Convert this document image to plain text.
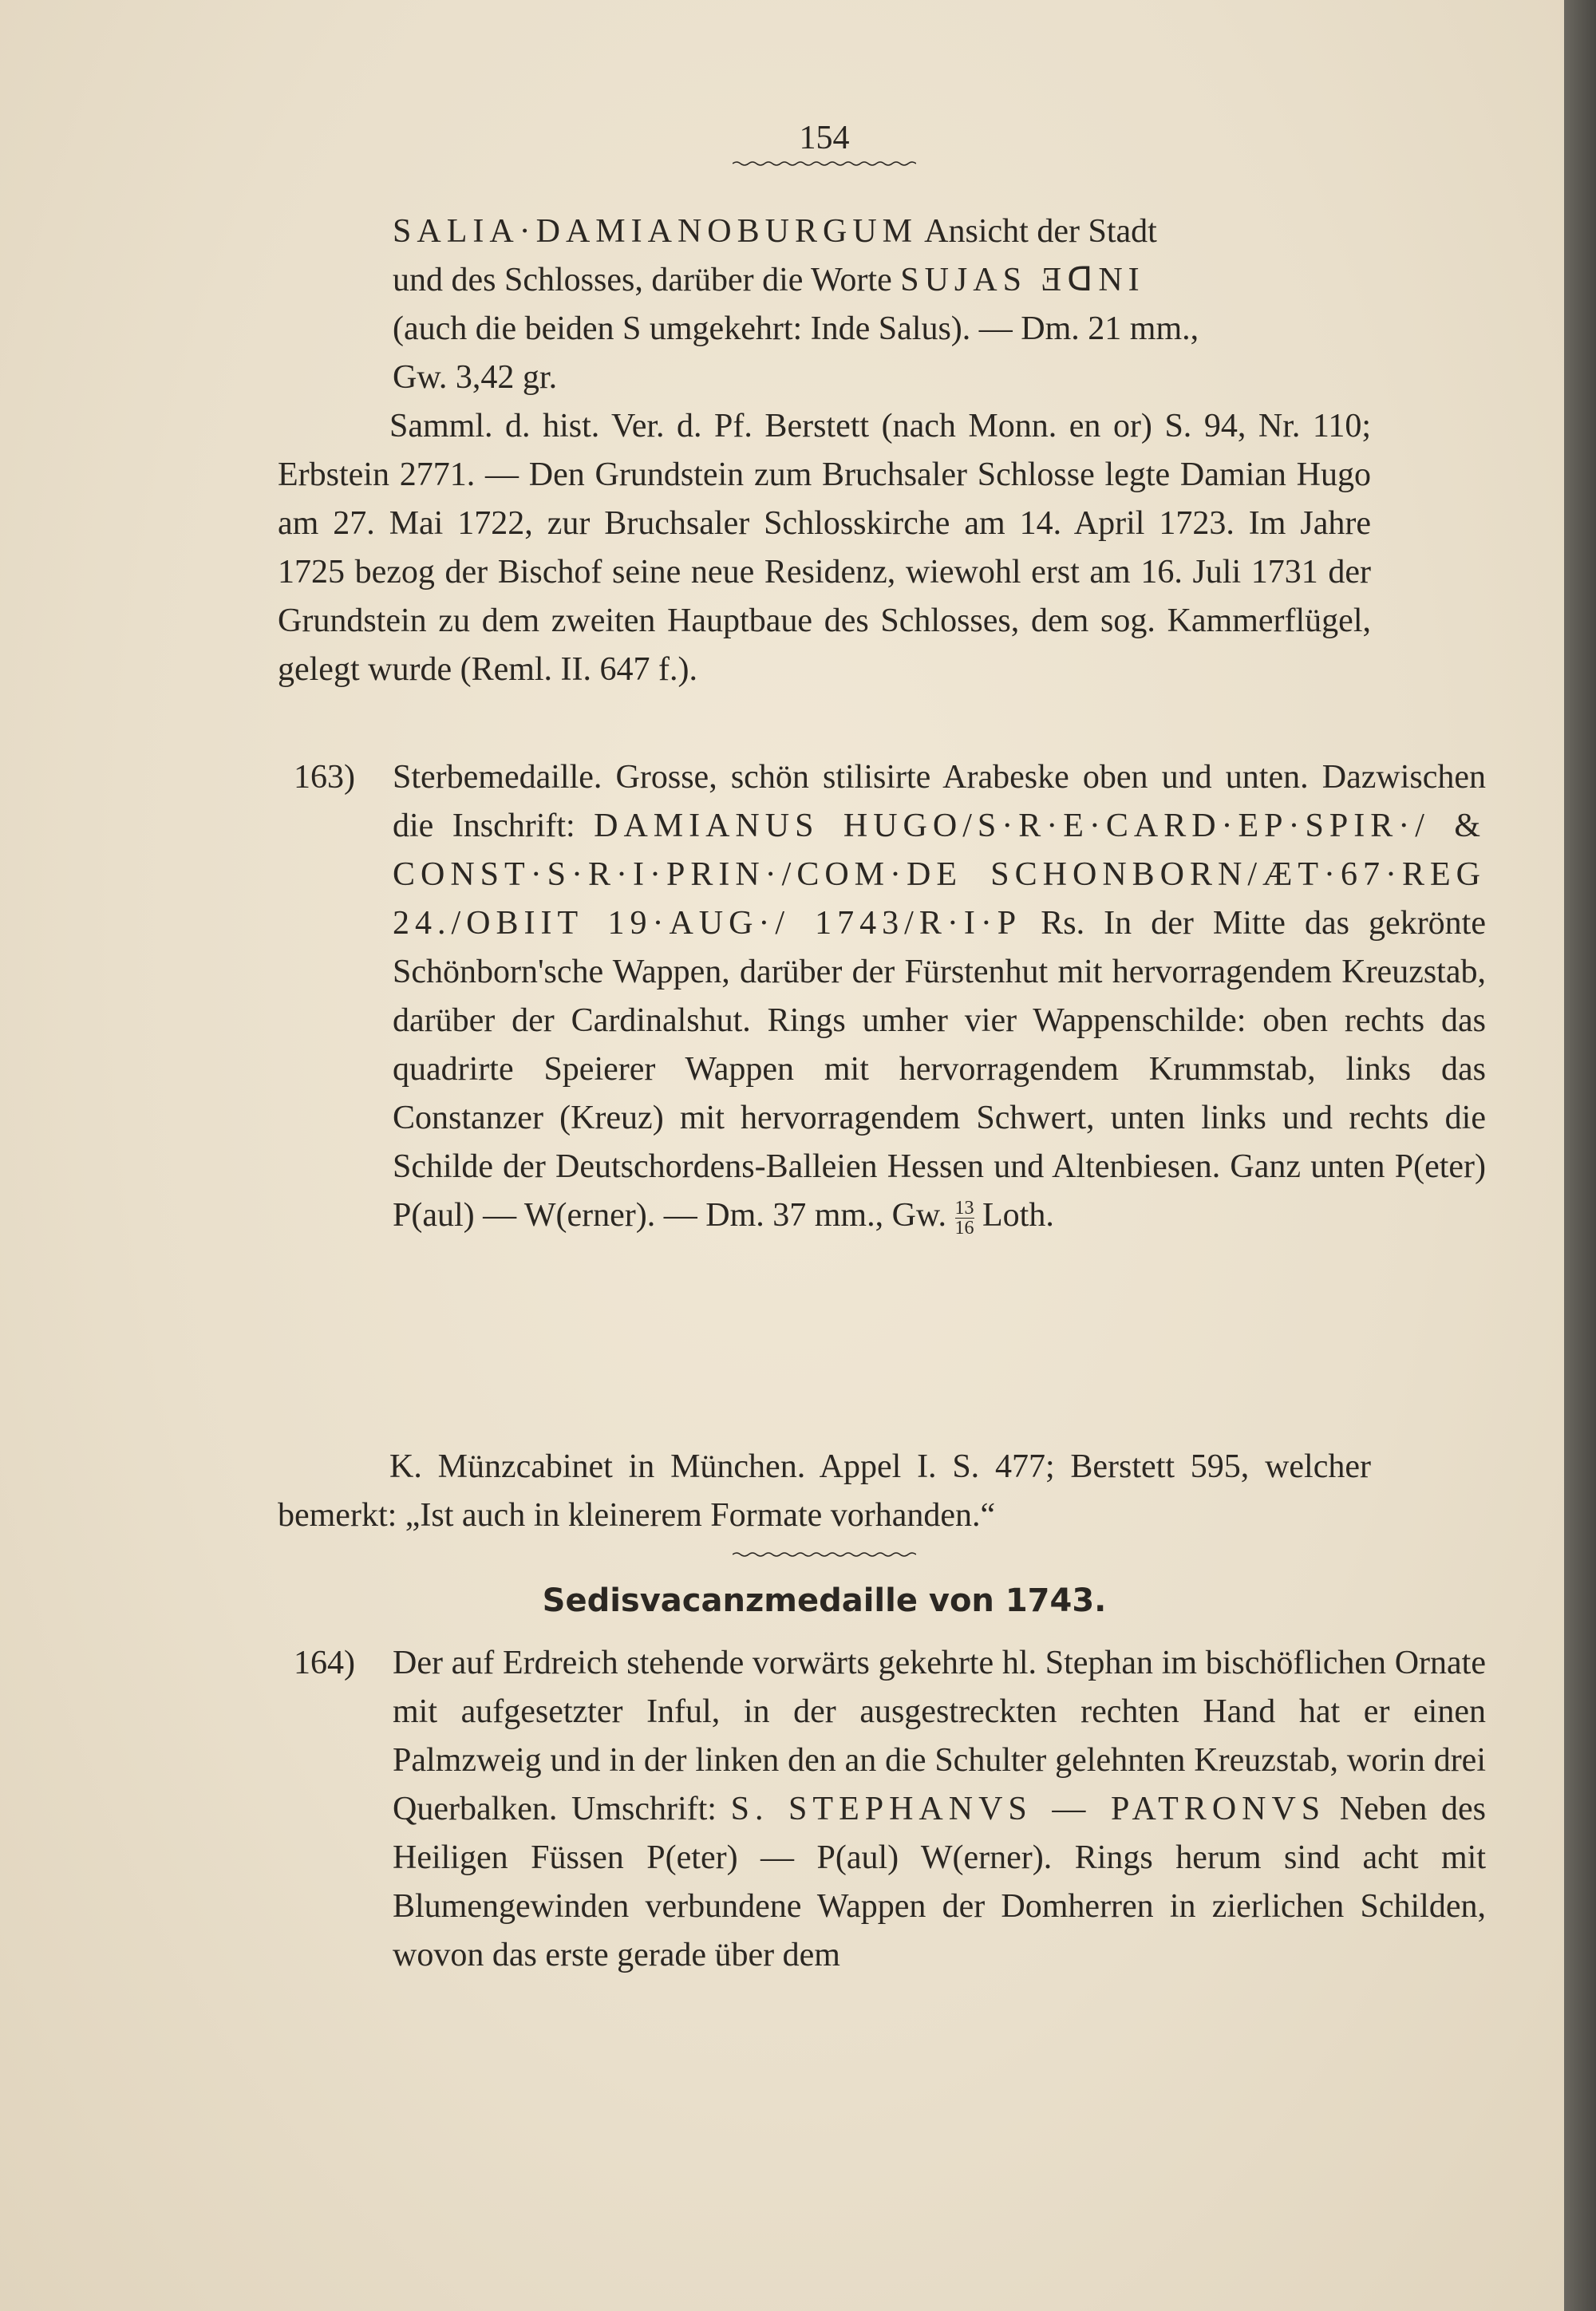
154

SALIA·DAMIANOBURGUM Ansicht der Stadt

und des Schlosses, darüber die Worte SUJAS ƎᗡNI

(auch die beiden S umgekehrt: Inde Salus). — Dm. 21 mm.,

Gw. 3,42 gr.

Samml. d. hist. Ver. d. Pf. Berstett (nach Monn. en or) S. 94, Nr. 110; Erbstein 2771. — Den Grundstein zum Bruchsaler Schlosse legte Damian Hugo am 27. Mai 1722, zur Bruchsaler Schlosskirche am 14. April 1723. Im Jahre 1725 bezog der Bischof seine neue Residenz, wiewohl erst am 16. Juli 1731 der Grundstein zu dem zweiten Hauptbaue des Schlosses, dem sog. Kammerflügel, gelegt wurde (Reml. II. 647 f.).

163) Sterbemedaille. Grosse, schön stilisirte Arabeske oben und unten. Dazwischen die Inschrift: DAMIANUS HUGO/S·R·E·CARD·EP·SPIR·/ & CONST·S·R·I·PRIN·/COM·DE SCHONBORN/ÆT·67·REG 24./OBIIT 19·AUG·/ 1743/R·I·P Rs. In der Mitte das gekrönte Schönborn'sche Wappen, darüber der Fürstenhut mit hervorragendem Kreuzstab, darüber der Cardinalshut. Rings umher vier Wappenschilde: oben rechts das quadrirte Speierer Wappen mit hervorragendem Krummstab, links das Constanzer (Kreuz) mit hervorragendem Schwert, unten links und rechts die Schilde der Deutschordens-Balleien Hessen und Altenbiesen. Ganz unten P(eter) P(aul) — W(erner). — Dm. 37 mm., Gw. $\frac{13}{16}$ Loth.

K. Münzcabinet in München. Appel I. S. 477; Berstett 595, welcher bemerkt: „Ist auch in kleinerem Formate vorhanden.“

Sedisvacanzmedaille von 1743.
164) Der auf Erdreich stehende vorwärts gekehrte hl. Stephan im bischöflichen Ornate mit aufgesetzter Inful, in der ausgestreckten rechten Hand hat er einen Palmzweig und in der linken den an die Schulter gelehnten Kreuzstab, worin drei Querbalken. Umschrift: S. STEPHANVS — PATRONVS Neben des Heiligen Füssen P(eter) — P(aul) W(erner). Rings herum sind acht mit Blumengewinden verbundene Wappen der Domherren in zierlichen Schilden, wovon das erste gerade über dem
